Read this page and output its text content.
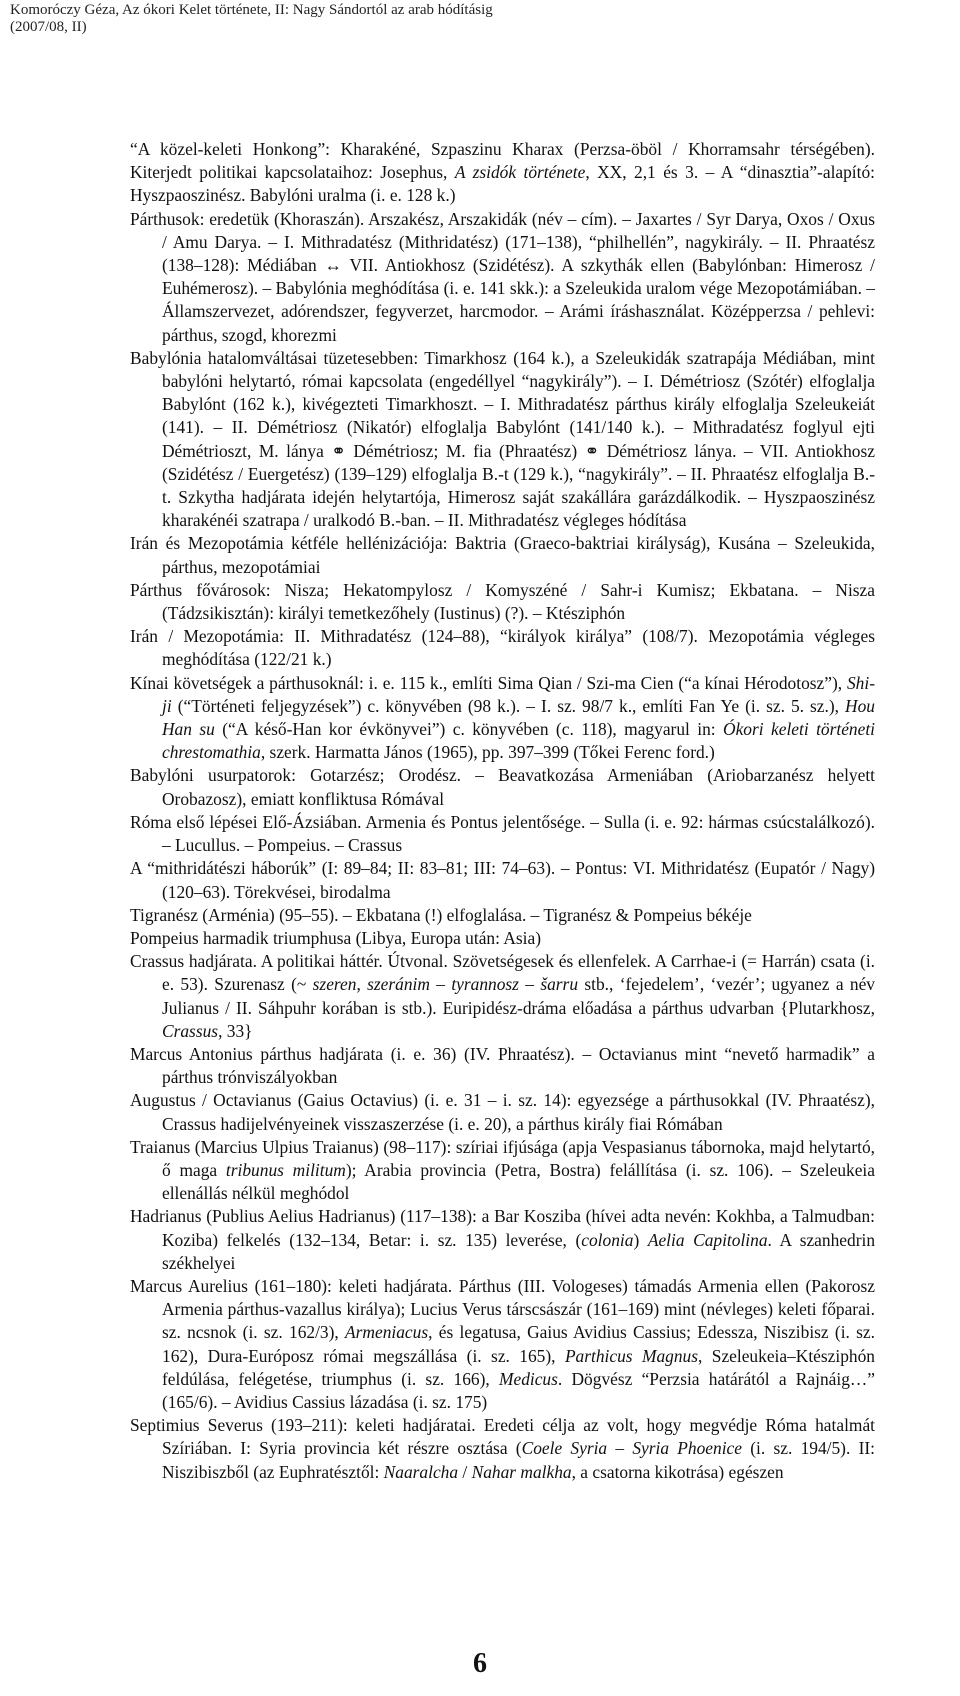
Komoróczy Géza, Az ókori Kelet története, II: Nagy Sándortól az arab hódításig
(2007/08, II)

“A közel-keleti Honkong”: Kharakéné, Szpaszinu Kharax (Perzsa-öböl / Khorramsahr térségében). Kiterjedt politikai kapcsolataihoz: Josephus, A zsidók története, XX, 2,1 és 3. – A “dinasztia”-alapító: Hyszpaoszinész. Babylóni uralma (i. e. 128 k.)

Párthusok: eredetük (Khoraszán). Arszakész, Arszakidák (név – cím). – Jaxartes / Syr Darya, Oxos / Oxus / Amu Darya. – I. Mithradatész (Mithridatész) (171–138), “philhellén”, nagykirály. – II. Phraatész (138–128): Médiában ↔ VII. Antiokhosz (Szidétész). A szkythák ellen (Babylónban: Himerosz / Euhémerosz). – Babylónia meghódítása (i. e. 141 skk.): a Szeleukida uralom vége Mezopotámiában. – Államszervezet, adórendszer, fegyverzet, harcmodor. – Arámi íráshasználat. Középperzsa / pehlevi: párthus, szogd, khorezmi

Babylónia hatalomváltásai tüzetesebben: Timarkhosz (164 k.), a Szeleukidák szatrapája Médiában, mint babylóni helytartó, római kapcsolata (engedéllyel “nagykirály”). – I. Démétriosz (Szótér) elfoglalja Babylónt (162 k.), kivégezteti Timarkhoszt. – I. Mithradatész párthus király elfoglalja Szeleukeiát (141). – II. Démétriosz (Nikatór) elfoglalja Babylónt (141/140 k.). – Mithradatész foglyul ejti Démétrioszt, M. lánya ⚭ Démétriosz; M. fia (Phraatész) ⚭ Démétriosz lánya. – VII. Antiokhosz (Szidétész / Euergetész) (139–129) elfoglalja B.-t (129 k.), “nagykirály”. – II. Phraatész elfoglalja B.-t. Szkytha hadjárata idején helytartója, Himerosz saját szakállára garázdálkodik. – Hyszpaoszinész kharakénéi szatrapa / uralkodó B.-ban. – II. Mithradatész végleges hódítása

Irán és Mezopotámia kétféle hellénizációja: Baktria (Graeco-baktriai királyság), Kusána – Szeleukida, párthus, mezopotámiai

Párthus fővárosok: Nisza; Hekatompylosz / Komyszéné / Sahr-i Kumisz; Ekbatana. – Nisza (Tádzsikisztán): királyi temetkezőhely (Iustinus) (?). – Ktésziphón

Irán / Mezopotámia: II. Mithradatész (124–88), “királyok királya” (108/7). Mezopotámia végleges meghódítása (122/21 k.)

Kínai követségek a párthusoknál: i. e. 115 k., említi Sima Qian / Szi-ma Cien (“a kínai Hérodotosz”), Shi-ji (“Történeti feljegyzések”) c. könyvében (98 k.). – I. sz. 98/7 k., említi Fan Ye (i. sz. 5. sz.), Hou Han su (“A késő-Han kor évkönyvei”) c. könyvében (c. 118), magyarul in: Ókori keleti történeti chrestomathia, szerk. Harmatta János (1965), pp. 397–399 (Tőkei Ferenc ford.)

Babylóni usurpatorok: Gotarzész; Orodész. – Beavatkozása Armeniában (Ariobarzanész helyett Orobazosz), emiatt konfliktusa Rómával

Róma első lépései Elő-Ázsiában. Armenia és Pontus jelentősége. – Sulla (i. e. 92: hármas csúcstalálkozó). – Lucullus. – Pompeius. – Crassus

A “mithridátészi háborúk” (I: 89–84; II: 83–81; III: 74–63). – Pontus: VI. Mithridatész (Eupatór / Nagy) (120–63). Törekvései, birodalma

Tigranész (Arménia) (95–55). – Ekbatana (!) elfoglalása. – Tigranész & Pompeius békéje

Pompeius harmadik triumphusa (Libya, Europa után: Asia)

Crassus hadjárata. A politikai háttér. Útvonal. Szövetségesek és ellenfelek. A Carrhae-i (= Harrán) csata (i. e. 53). Szurenasz (~ szeren, szeránim – tyrannosz – šarru stb., ‘fejedelem’, ‘vezér’; ugyanez a név Julianus / II. Sáhpuhr korában is stb.). Euripidész-dráma előadása a párthus udvarban {Plutarkhosz, Crassus, 33}

Marcus Antonius párthus hadjárata (i. e. 36) (IV. Phraatész). – Octavianus mint “nevető harmadik” a párthus trónviszályokban

Augustus / Octavianus (Gaius Octavius) (i. e. 31 – i. sz. 14): egyezsége a párthusokkal (IV. Phraatész), Crassus hadijelvényeinek visszaszerzése (i. e. 20), a párthus király fiai Rómában

Traianus (Marcius Ulpius Traianus) (98–117): szíriai ifjúsága (apja Vespasianus tábornoka, majd helytartó, ő maga tribunus militum); Arabia provincia (Petra, Bostra) felállítása (i. sz. 106). – Szeleukeia ellenállás nélkül meghódol

Hadrianus (Publius Aelius Hadrianus) (117–138): a Bar Kosziba (hívei adta nevén: Kokhba, a Talmudban: Koziba) felkelés (132–134, Betar: i. sz. 135) leverése, (colonia) Aelia Capitolina. A szanhedrin székhelyei

Marcus Aurelius (161–180): keleti hadjárata. Párthus (III. Vologeses) támadás Armenia ellen (Pakorosz Armenia párthus-vazallus királya); Lucius Verus társcsászár (161–169) mint (névleges) keleti főparai. sz. ncsnok (i. sz. 162/3), Armeniacus, és legatusa, Gaius Avidius Cassius; Edessza, Niszibisz (i. sz. 162), Dura-Európosz római megszállása (i. sz. 165), Parthicus Magnus, Szeleukeia–Ktésziphón feldúlása, felégetése, triumphus (i. sz. 166), Medicus. Dögvész “Perzsia határától a Rajnáig…” (165/6). – Avidius Cassius lázadása (i. sz. 175)

Septimius Severus (193–211): keleti hadjáratai. Eredeti célja az volt, hogy megvédje Róma hatalmát Szíriában. I: Syria provincia két részre osztása (Coele Syria – Syria Phoenice (i. sz. 194/5). II: Niszibiszből (az Euphratésztől: Naaralcha / Nahar malkha, a csatorna kikotrása) egészen

6
